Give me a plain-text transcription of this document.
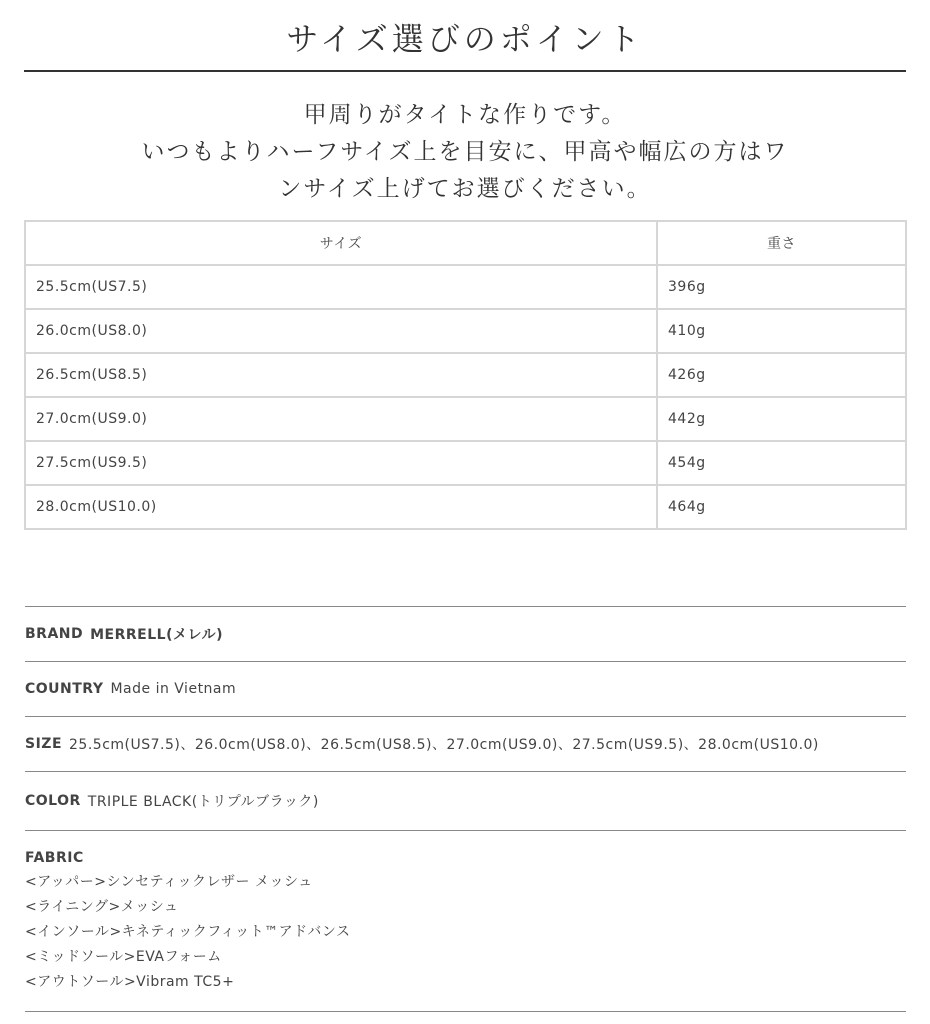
サイズ選びのポイント
甲周りがタイトな作りです。
いつもよりハーフサイズ上を目安に、甲高や幅広の方はワ
ンサイズ上げてお選びください。
サイズ	重さ
25.5cm(US7.5)	396g
26.0cm(US8.0)	410g
26.5cm(US8.5)	426g
27.0cm(US9.0)	442g
27.5cm(US9.5)	454g
28.0cm(US10.0)	464g
BRAND MERRELL(メレル)
COUNTRY Made in Vietnam
SIZE 25.5cm(US7.5)、26.0cm(US8.0)、26.5cm(US8.5)、27.0cm(US9.0)、27.5cm(US9.5)、28.0cm(US10.0)
COLOR TRIPLE BLACK(トリプルブラック)
FABRIC
<アッパー>シンセティックレザー メッシュ
<ライニング>メッシュ
<インソール>キネティックフィット™アドバンス
<ミッドソール>EVAフォーム
<アウトソール>Vibram TC5+
